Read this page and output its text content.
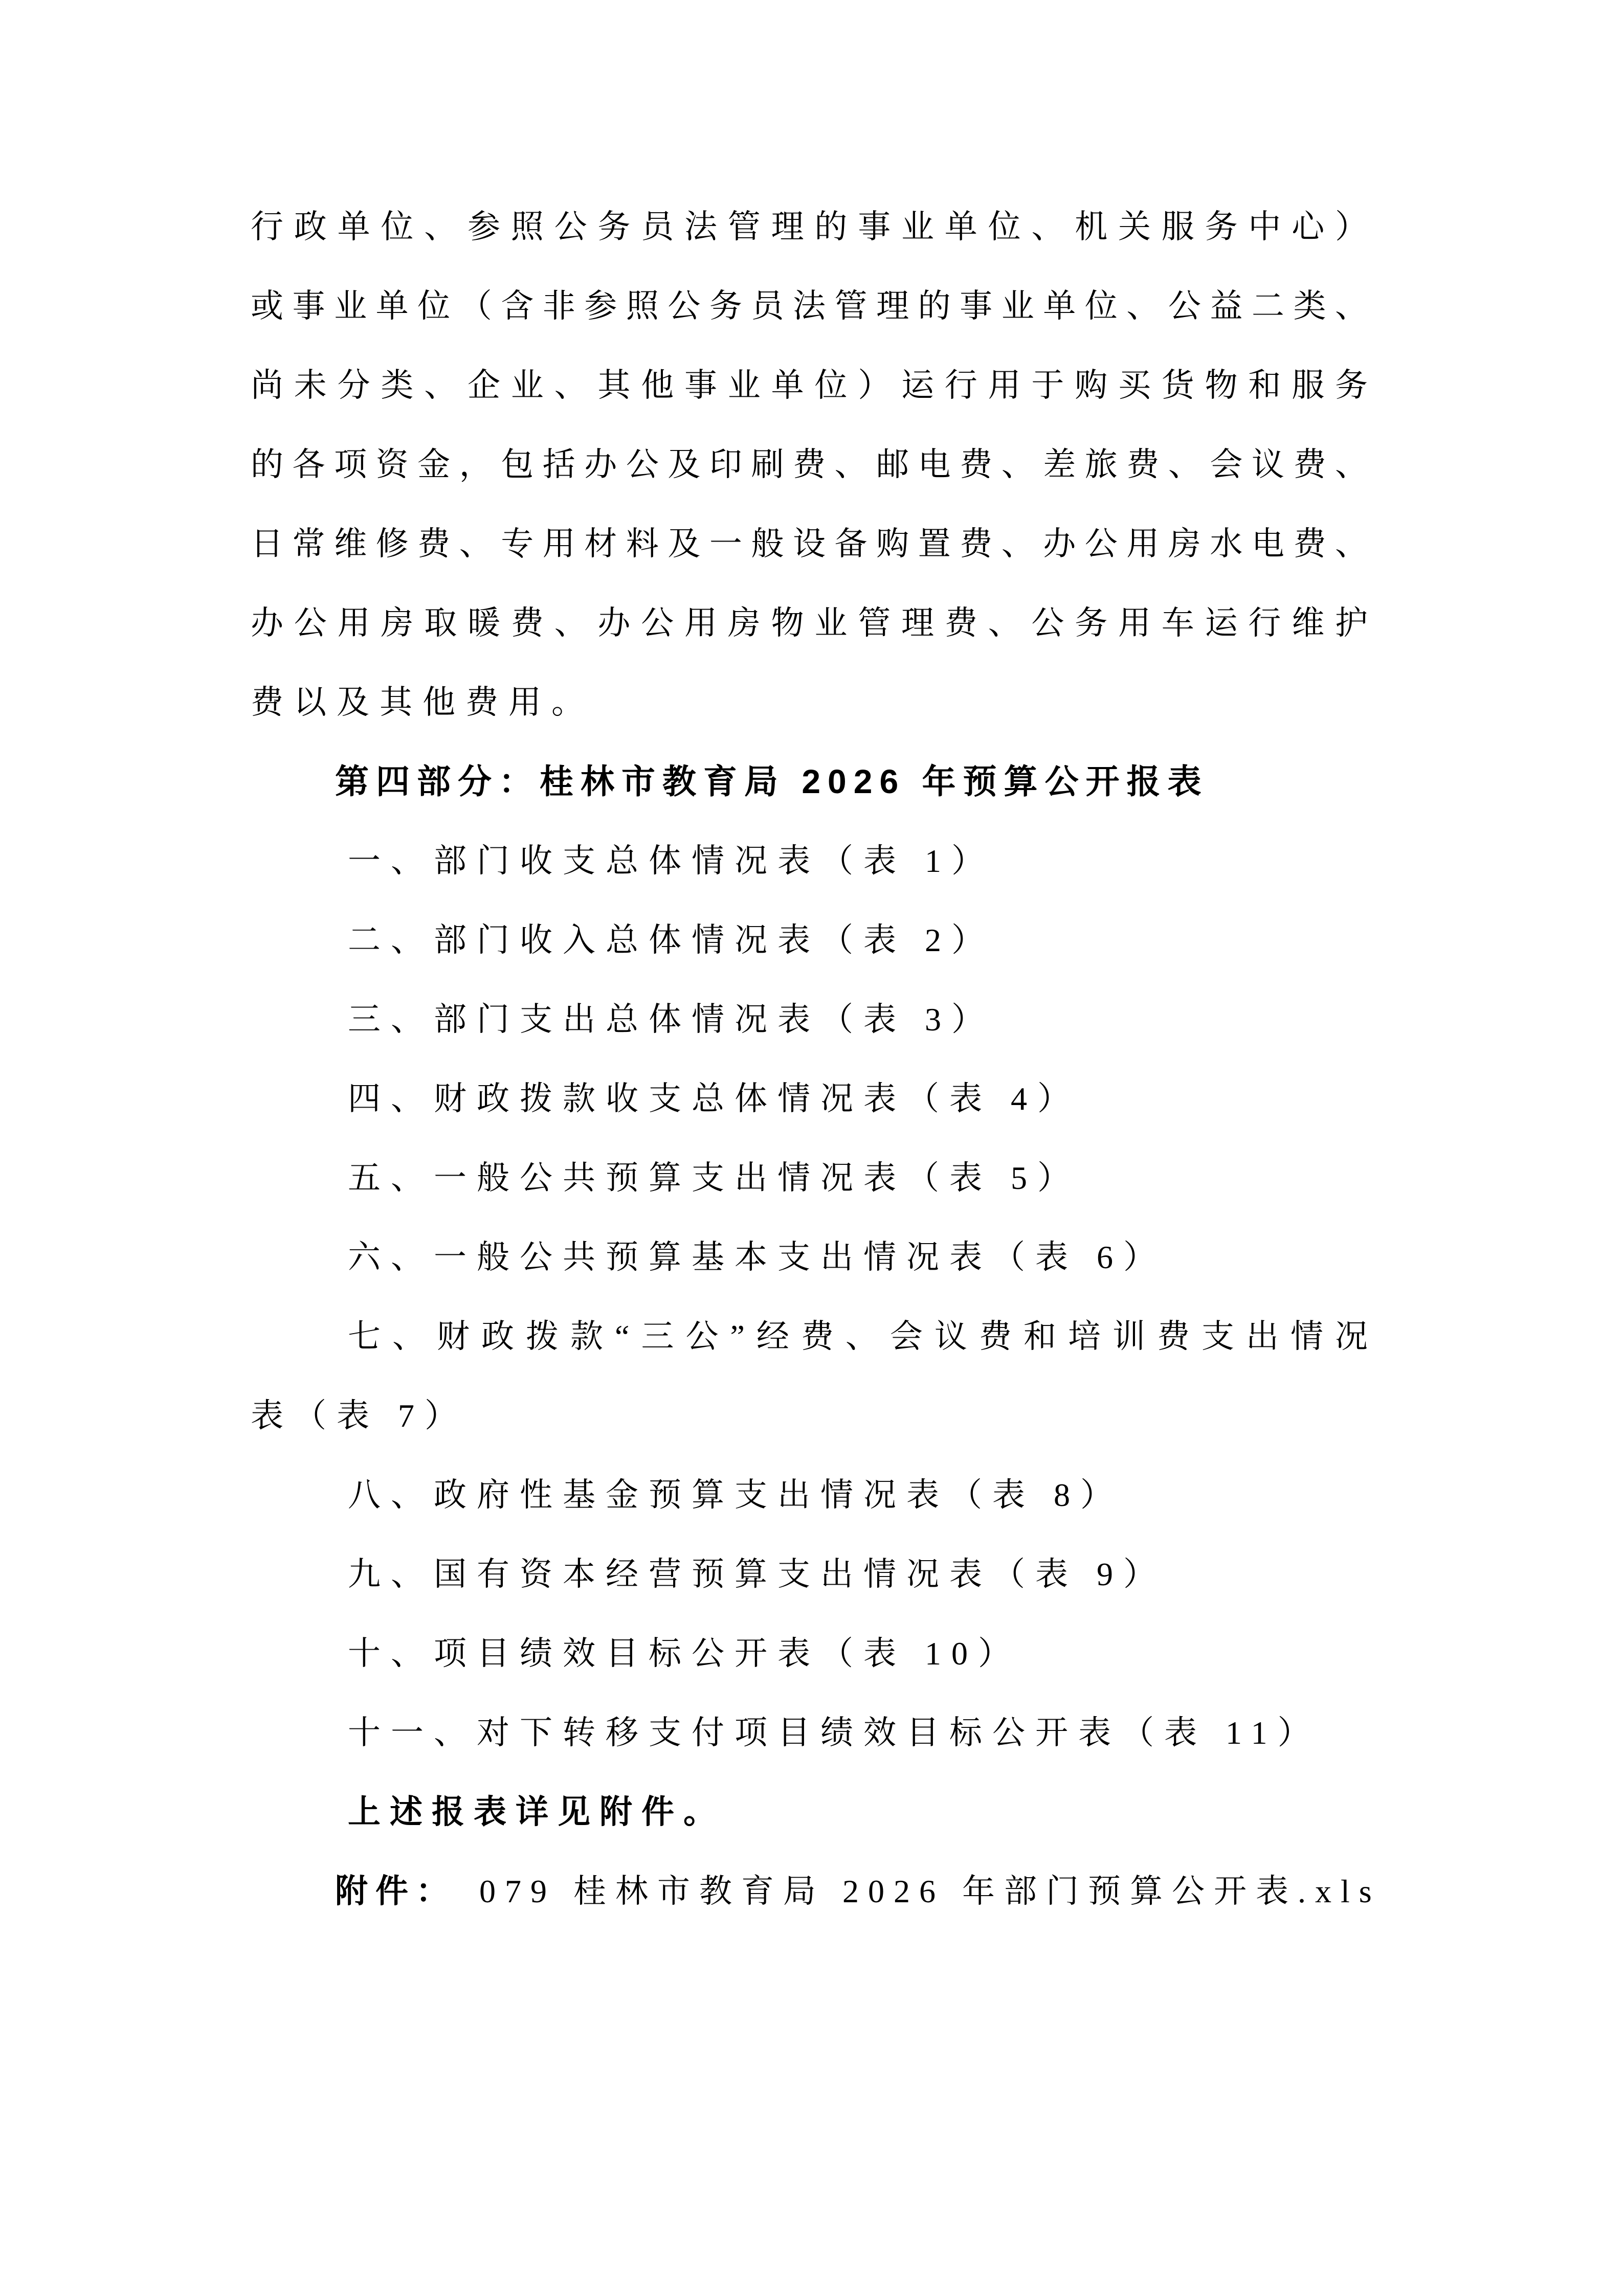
行政单位、参照公务员法管理的事业单位、机关服务中心）

或事业单位（含非参照公务员法管理的事业单位、公益二类、

尚未分类、企业、其他事业单位）运行用于购买货物和服务

的各项资金，包括办公及印刷费、邮电费、差旅费、会议费、

日常维修费、专用材料及一般设备购置费、办公用房水电费、

办公用房取暖费、办公用房物业管理费、公务用车运行维护

费以及其他费用。

第四部分：桂林市教育局 2026 年预算公开报表

一、部门收支总体情况表（表 1）

二、部门收入总体情况表（表 2）

三、部门支出总体情况表（表 3）

四、财政拨款收支总体情况表（表 4）

五、一般公共预算支出情况表（表 5）

六、一般公共预算基本支出情况表（表 6）

七、财政拨款“三公”经费、会议费和培训费支出情况

表（表 7）

八、政府性基金预算支出情况表（表 8）

九、国有资本经营预算支出情况表（表 9）

十、项目绩效目标公开表（表 10）

十一、对下转移支付项目绩效目标公开表（表 11）

上述报表详见附件。

附件： 079 桂林市教育局 2026 年部门预算公开表.xls
